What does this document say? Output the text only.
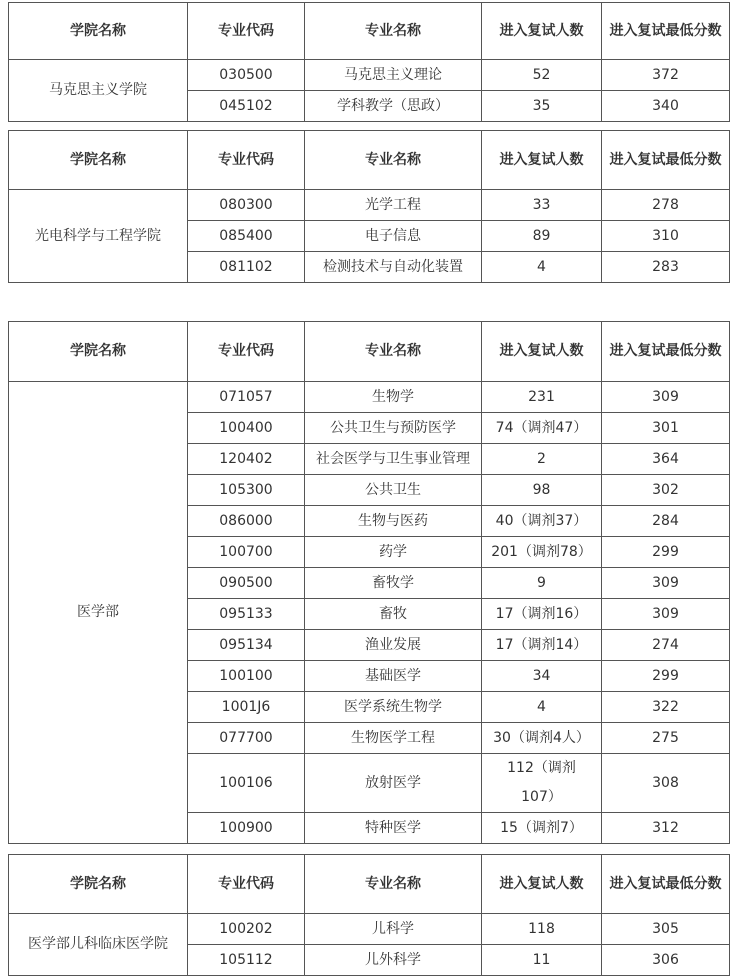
学院名称	专业代码	专业名称	进入复试人数	进入复试最低分数
马克思主义学院	030500	马克思主义理论	52	372
	045102	学科教学（思政）	35	340
学院名称	专业代码	专业名称	进入复试人数	进入复试最低分数
光电科学与工程学院	080300	光学工程	33	278
	085400	电子信息	89	310
	081102	检测技术与自动化装置	4	283
学院名称	专业代码	专业名称	进入复试人数	进入复试最低分数
医学部	071057	生物学	231	309
	100400	公共卫生与预防医学	74（调剂47）	301
	120402	社会医学与卫生事业管理	2	364
	105300	公共卫生	98	302
	086000	生物与医药	40（调剂37）	284
	100700	药学	201（调剂78）	299
	090500	畜牧学	9	309
	095133	畜牧	17（调剂16）	309
	095134	渔业发展	17（调剂14）	274
	100100	基础医学	34	299
	1001J6	医学系统生物学	4	322
	077700	生物医学工程	30（调剂4人）	275
	100106	放射医学	112（调剂107）	308
	100900	特种医学	15（调剂7）	312
学院名称	专业代码	专业名称	进入复试人数	进入复试最低分数
医学部儿科临床医学院	100202	儿科学	118	305
	105112	儿外科学	11	306
